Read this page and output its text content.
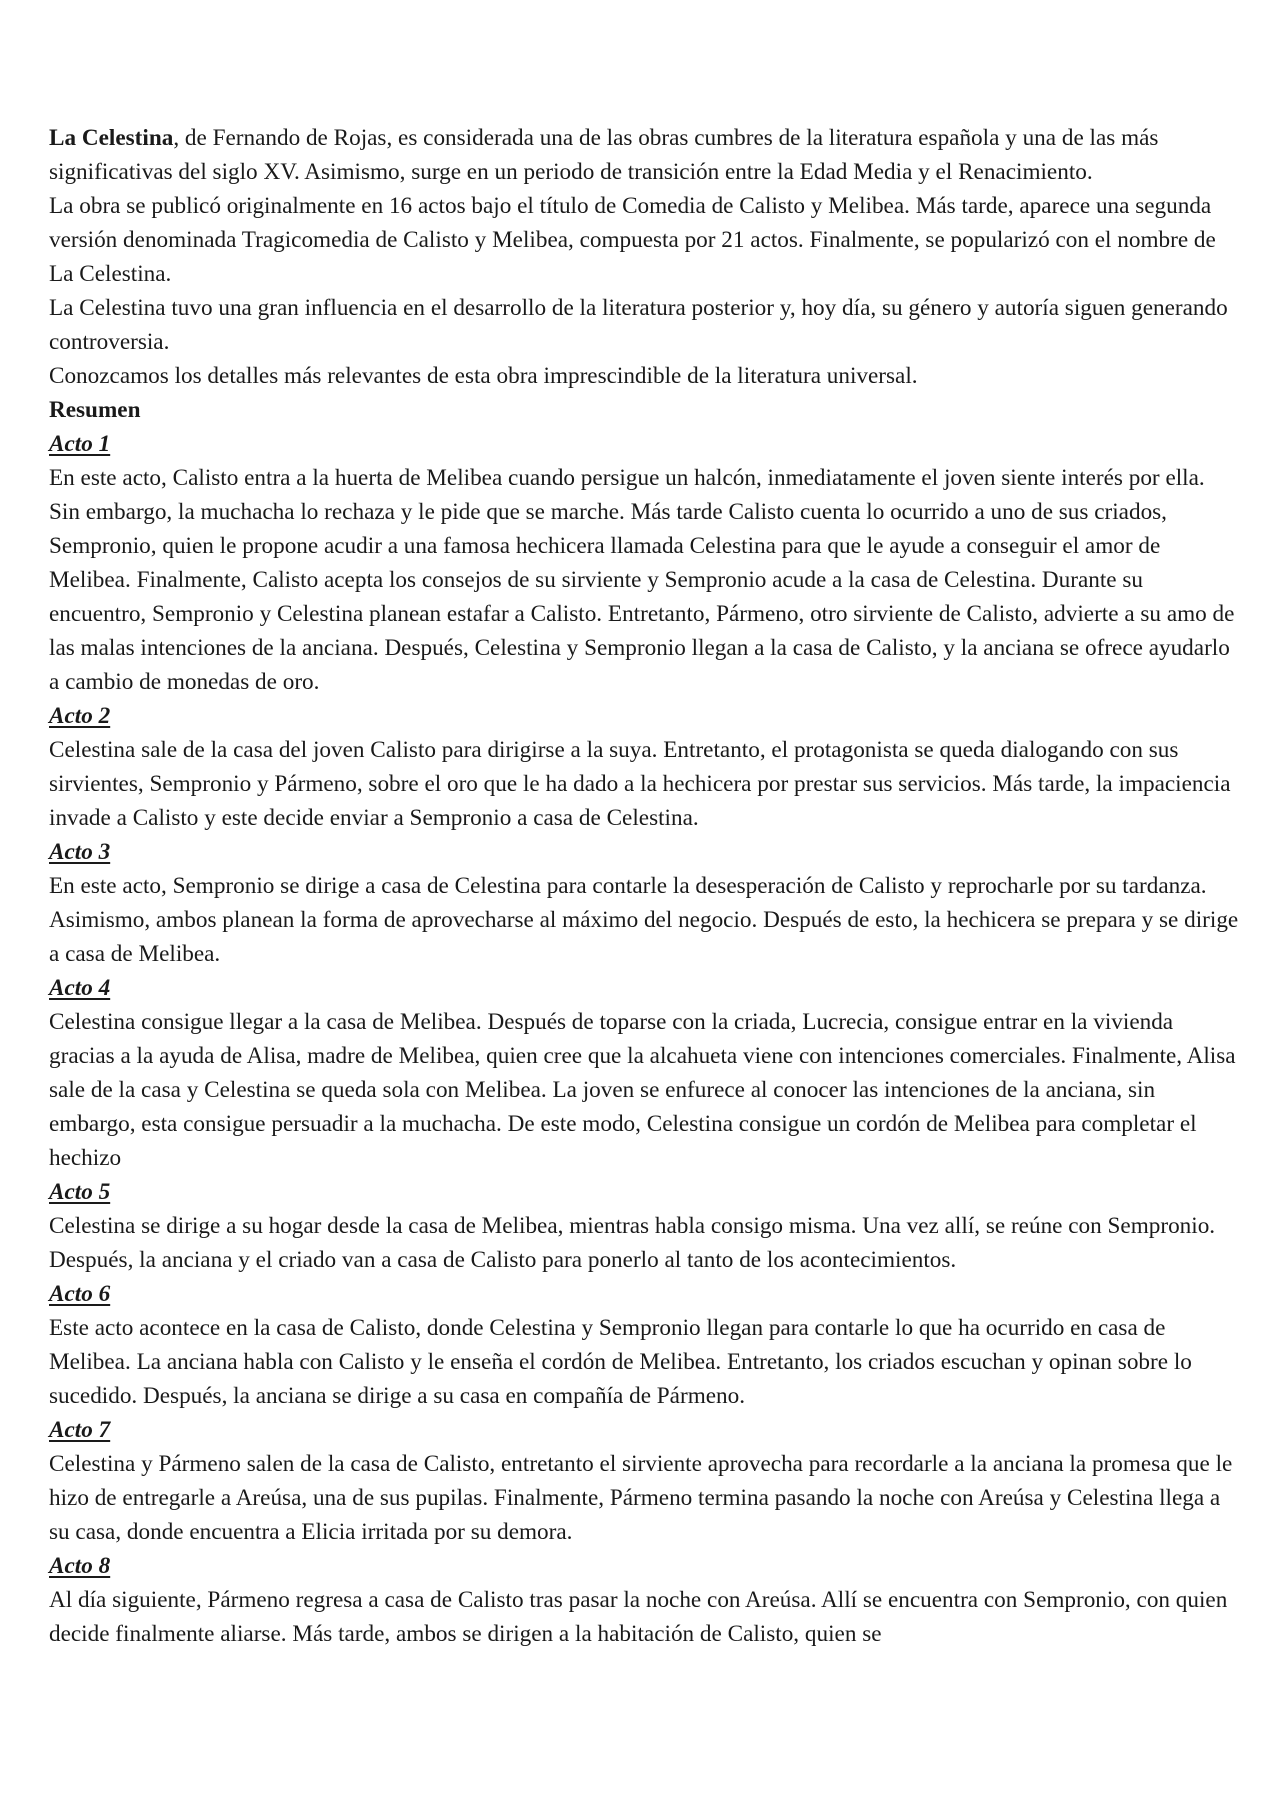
La Celestina, de Fernando de Rojas, es considerada una de las obras cumbres de la literatura española y una de las más significativas del siglo XV. Asimismo, surge en un periodo de transición entre la Edad Media y el Renacimiento.

La obra se publicó originalmente en 16 actos bajo el título de Comedia de Calisto y Melibea. Más tarde, aparece una segunda versión denominada Tragicomedia de Calisto y Melibea, compuesta por 21 actos. Finalmente, se popularizó con el nombre de La Celestina.

La Celestina tuvo una gran influencia en el desarrollo de la literatura posterior y, hoy día, su género y autoría siguen generando controversia.

Conozcamos los detalles más relevantes de esta obra imprescindible de la literatura universal.

Resumen

Acto 1

En este acto, Calisto entra a la huerta de Melibea cuando persigue un halcón, inmediatamente el joven siente interés por ella. Sin embargo, la muchacha lo rechaza y le pide que se marche. Más tarde Calisto cuenta lo ocurrido a uno de sus criados, Sempronio, quien le propone acudir a una famosa hechicera llamada Celestina para que le ayude a conseguir el amor de Melibea. Finalmente, Calisto acepta los consejos de su sirviente y Sempronio acude a la casa de Celestina. Durante su encuentro, Sempronio y Celestina planean estafar a Calisto. Entretanto, Pármeno, otro sirviente de Calisto, advierte a su amo de las malas intenciones de la anciana. Después, Celestina y Sempronio llegan a la casa de Calisto, y la anciana se ofrece ayudarlo a cambio de monedas de oro.

Acto 2

Celestina sale de la casa del joven Calisto para dirigirse a la suya. Entretanto, el protagonista se queda dialogando con sus sirvientes, Sempronio y Pármeno, sobre el oro que le ha dado a la hechicera por prestar sus servicios. Más tarde, la impaciencia invade a Calisto y este decide enviar a Sempronio a casa de Celestina.

Acto 3

En este acto, Sempronio se dirige a casa de Celestina para contarle la desesperación de Calisto y reprocharle por su tardanza. Asimismo, ambos planean la forma de aprovecharse al máximo del negocio. Después de esto, la hechicera se prepara y se dirige a casa de Melibea.

Acto 4

Celestina consigue llegar a la casa de Melibea. Después de toparse con la criada, Lucrecia, consigue entrar en la vivienda gracias a la ayuda de Alisa, madre de Melibea, quien cree que la alcahueta viene con intenciones comerciales. Finalmente, Alisa sale de la casa y Celestina se queda sola con Melibea. La joven se enfurece al conocer las intenciones de la anciana, sin embargo, esta consigue persuadir a la muchacha. De este modo, Celestina consigue un cordón de Melibea para completar el hechizo

Acto 5

Celestina se dirige a su hogar desde la casa de Melibea, mientras habla consigo misma. Una vez allí, se reúne con Sempronio. Después, la anciana y el criado van a casa de Calisto para ponerlo al tanto de los acontecimientos.

Acto 6

Este acto acontece en la casa de Calisto, donde Celestina y Sempronio llegan para contarle lo que ha ocurrido en casa de Melibea. La anciana habla con Calisto y le enseña el cordón de Melibea. Entretanto, los criados escuchan y opinan sobre lo sucedido. Después, la anciana se dirige a su casa en compañía de Pármeno.

Acto 7

Celestina y Pármeno salen de la casa de Calisto, entretanto el sirviente aprovecha para recordarle a la anciana la promesa que le hizo de entregarle a Areúsa, una de sus pupilas. Finalmente, Pármeno termina pasando la noche con Areúsa y Celestina llega a su casa, donde encuentra a Elicia irritada por su demora.

Acto 8

Al día siguiente, Pármeno regresa a casa de Calisto tras pasar la noche con Areúsa. Allí se encuentra con Sempronio, con quien decide finalmente aliarse. Más tarde, ambos se dirigen a la habitación de Calisto, quien se
